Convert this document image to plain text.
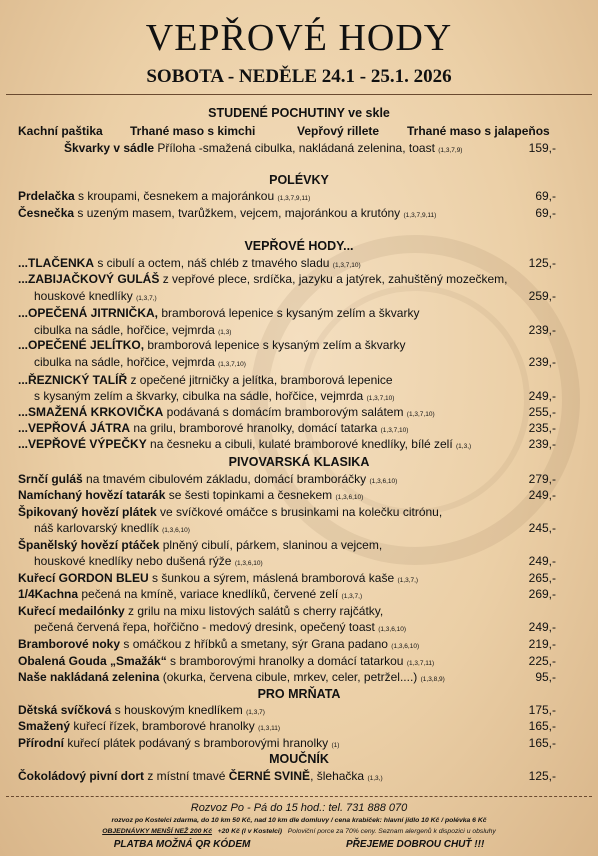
VEPŘOVÉ HODY
SOBOTA - NEDĚLE 24.1 - 25.1. 2026
STUDENÉ POCHUTINY ve skle
Kachní paštika Trhané maso s kimchi	Vepřový rillete Trhané maso s jalapeňos
Škvarky v sádle Příloha -smažená cibulka, nakládaná zelenina, toast (1,3,7,9)	159,-
POLÉVKY
Prdelačka s kroupami, česnekem a majoránkou (1,3,7,9,11)	69,-
Česnečka s uzeným masem, tvarůžkem, vejcem, majoránkou a krutóny (1,3,7,9,11)	69,-
VEPŘOVÉ HODY...
...TLAČENKA s cibulí a octem, náš chléb z tmavého sladu (1,3,7,10)	125,-
...ZABIJAČKOVÝ GULÁŠ z vepřové plece, srdíčka, jazyku a jatýrek, zahuštěný mozečkem,
houskové knedlíky (1,3,7,)	259,-
...OPEČENÁ JITRNIČKA, bramborová lepenice s kysaným zelím a škvarky
cibulka na sádle, hořčice, vejmrda (1,3)	239,-
...OPEČENÉ JELÍTKO, bramborová lepenice s kysaným zelím a škvarky
cibulka na sádle, hořčice, vejmrda (1,3,7,10)	239,-
...ŘEZNICKÝ TALÍŘ z opečené jitrničky a jelítka, bramborová lepenice
s kysaným zelím a škvarky, cibulka na sádle, hořčice, vejmrda (1,3,7,10)	249,-
...SMAŽENÁ KRKOVIČKA podávaná s domácím bramborovým salátem (1,3,7,10)	255,-
...VEPŘOVÁ JÁTRA na grilu, bramborové hranolky, domácí tatarka (1,3,7,10)	235,-
...VEPŘOVÉ VÝPEČKY na česneku a cibuli, kulaté bramborové knedlíky, bílé zelí (1,3,)	239,-
PIVOVARSKÁ KLASIKA
Srnčí guláš na tmavém cibulovém základu, domácí bramboráčky (1,3,6,10)	279,-
Namíchaný hovězí tatarák se šesti topinkami a česnekem (1,3,6,10)	249,-
Špikovaný hovězí plátek ve svíčkové omáčce s brusinkami na kolečku citrónu,
náš karlovarský knedlík (1,3,6,10)	245,-
Španělský hovězí ptáček plněný cibulí, párkem, slaninou a vejcem,
houskové knedlíky nebo dušená rýže (1,3,6,10)	249,-
Kuřecí GORDON BLEU s šunkou a sýrem, máslená bramborová kaše (1,3,7,)	265,-
1/4Kachna pečená na kmíně, variace knedlíků, červené zelí (1,3,7,)	269,-
Kuřecí medailónky z grilu na mixu listových salátů s cherry rajčátky,
pečená červená řepa, hořčično - medový dresink, opečený toast (1,3,6,10)	249,-
Bramborové noky s omáčkou z hříbků a smetany, sýr Grana padano (1,3,6,10)	219,-
Obalená Gouda „Smažák“ s bramborovými hranolky a domácí tatarkou (1,3,7,11)	225,-
Naše nakládaná zelenina (okurka, červena cibule, mrkev, celer, petržel....) (1,3,8,9)	95,-
PRO MRŇATA
Dětská svíčková s houskovým knedlíkem (1,3,7)	175,-
Smažený kuřecí řízek, bramborové hranolky (1,3,11)	165,-
Přírodní kuřecí plátek podávaný s bramborovými hranolky (1)	165,-
MOUČNÍK
Čokoládový pivní dort z místní tmavé ČERNÉ SVINĚ, šlehačka (1,3,)	125,-
Rozvoz Po - Pá do 15 hod.: tel. 731 888 070
rozvoz po Kostelci zdarma, do 10 km 50 Kč, nad 10 km dle domluvy / cena krabiček: hlavní jídlo 10 Kč / polévka 6 Kč
OBJEDNÁVKY MENŠÍ NEŽ 200 Kč +20 Kč (l v Kostelci) Poloviční porce za 70% ceny. Seznam alergenů k dispozici u obsluhy
PLATBA MOŽNÁ QR KÓDEM	PŘEJEME DOBROU CHUŤ !!!
